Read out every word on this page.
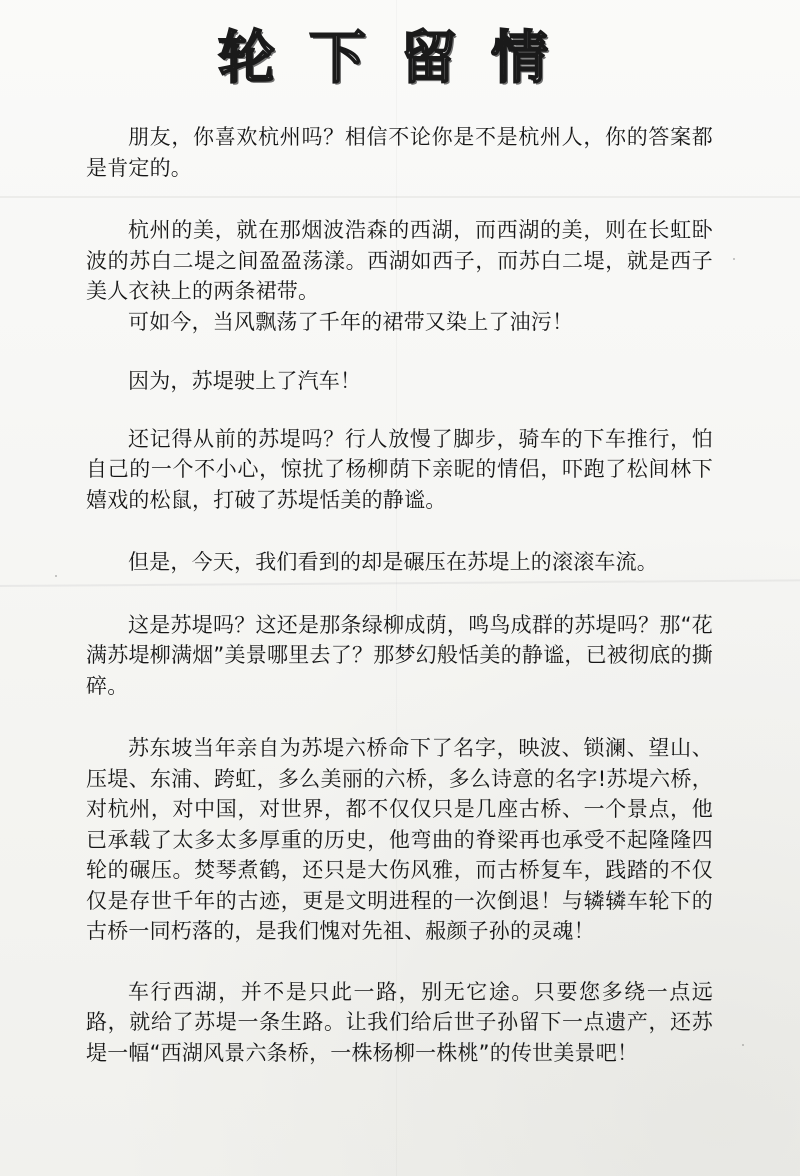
轮下留情

朋友，你喜欢杭州吗？相信不论你是不是杭州人，你的答案都是肯定的。

杭州的美，就在那烟波浩森的西湖，而西湖的美，则在长虹卧波的苏白二堤之间盈盈荡漾。西湖如西子，而苏白二堤，就是西子美人衣袂上的两条裙带。

可如今，当风飘荡了千年的裙带又染上了油污！

因为，苏堤驶上了汽车！

还记得从前的苏堤吗？行人放慢了脚步，骑车的下车推行，怕自己的一个不小心，惊扰了杨柳荫下亲昵的情侣，吓跑了松间林下嬉戏的松鼠，打破了苏堤恬美的静谧。

但是，今天，我们看到的却是碾压在苏堤上的滚滚车流。

这是苏堤吗？这还是那条绿柳成荫，鸣鸟成群的苏堤吗？那“花满苏堤柳满烟”美景哪里去了？那梦幻般恬美的静谧，已被彻底的撕碎。

苏东坡当年亲自为苏堤六桥命下了名字，映波、锁澜、望山、压堤、东浦、跨虹，多么美丽的六桥，多么诗意的名字!苏堤六桥，对杭州，对中国，对世界，都不仅仅只是几座古桥、一个景点，他已承载了太多太多厚重的历史，他弯曲的脊梁再也承受不起隆隆四轮的碾压。焚琴煮鹤，还只是大伤风雅，而古桥复车，践踏的不仅仅是存世千年的古迹，更是文明进程的一次倒退！与辚辚车轮下的古桥一同朽落的，是我们愧对先祖、赧颜子孙的灵魂！

车行西湖，并不是只此一路，别无它途。只要您多绕一点远路，就给了苏堤一条生路。让我们给后世子孙留下一点遗产，还苏堤一幅“西湖风景六条桥，一株杨柳一株桃”的传世美景吧！
